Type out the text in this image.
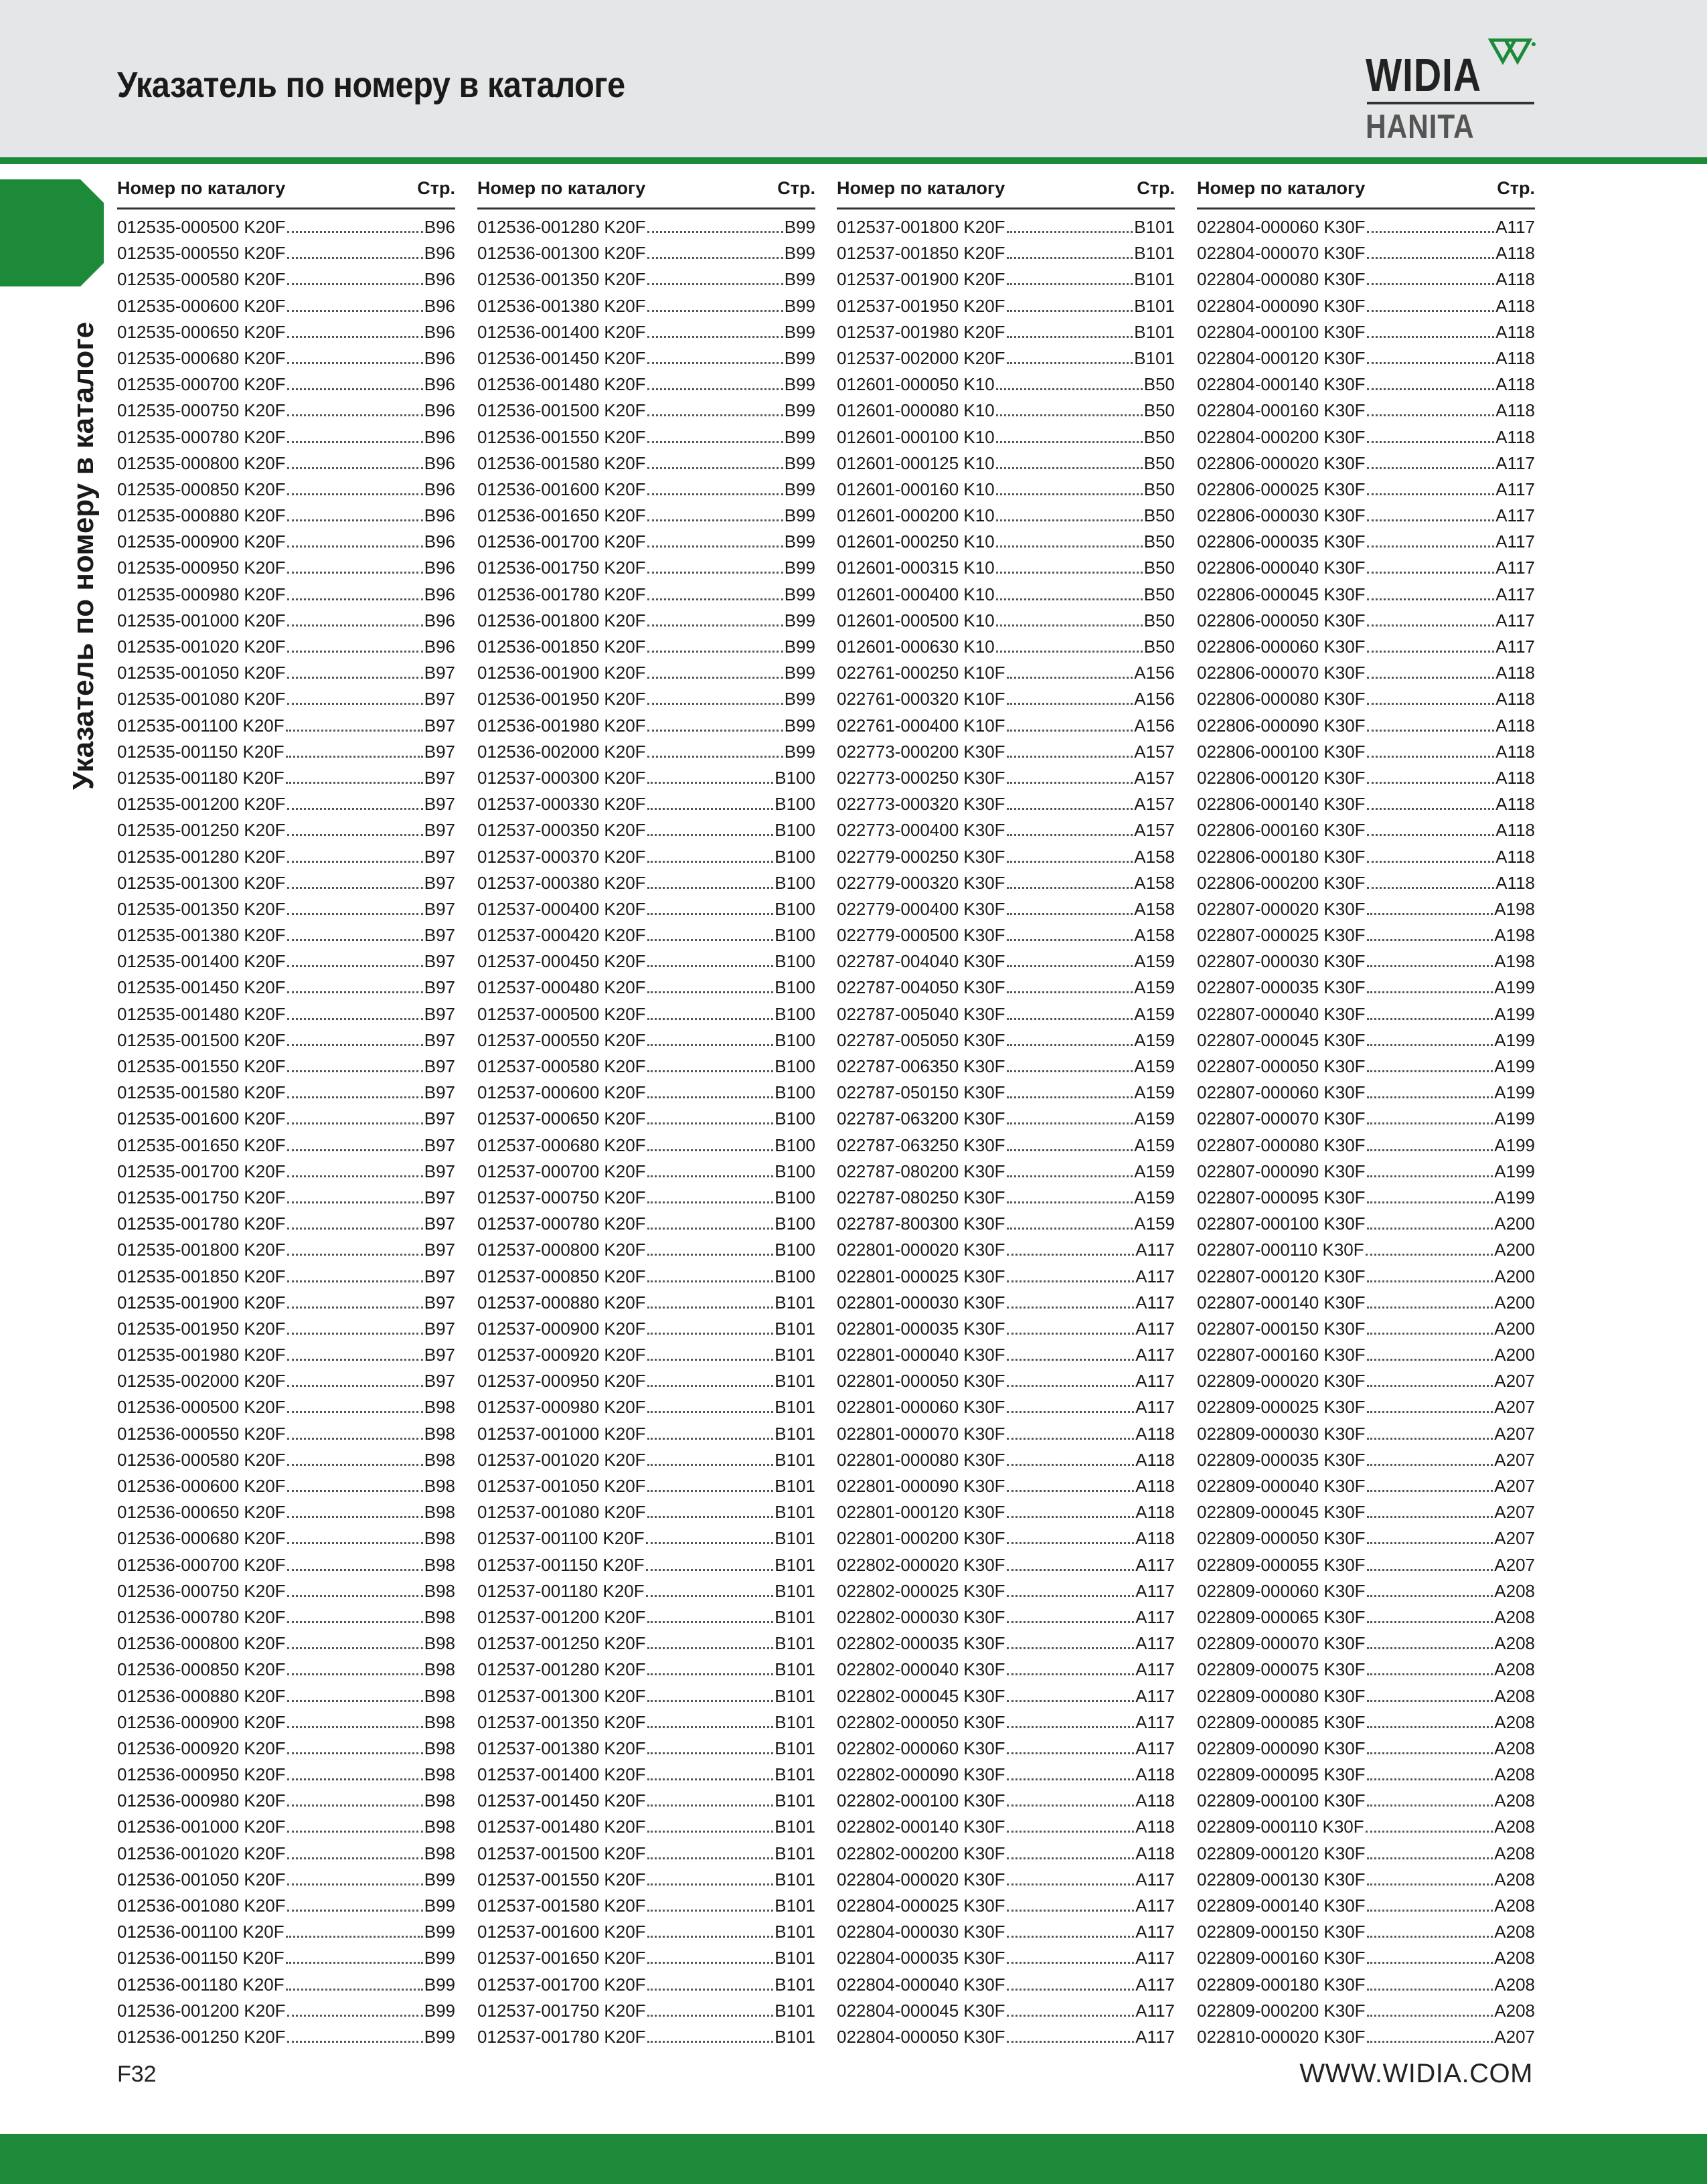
Указатель по номеру в каталоге	WIDIA
HANITA
Указатель по номеру в каталоге
Номер по каталогу	Стр.
012535-000500 K20F	B96
012535-000550 K20F	B96
012535-000580 K20F	B96
012535-000600 K20F	B96
012535-000650 K20F	B96
012535-000680 K20F	B96
012535-000700 K20F	B96
012535-000750 K20F	B96
012535-000780 K20F	B96
012535-000800 K20F	B96
012535-000850 K20F	B96
012535-000880 K20F	B96
012535-000900 K20F	B96
012535-000950 K20F	B96
012535-000980 K20F	B96
012535-001000 K20F	B96
012535-001020 K20F	B96
012535-001050 K20F	B97
012535-001080 K20F	B97
012535-001100 K20F	B97
012535-001150 K20F	B97
012535-001180 K20F	B97
012535-001200 K20F	B97
012535-001250 K20F	B97
012535-001280 K20F	B97
012535-001300 K20F	B97
012535-001350 K20F	B97
012535-001380 K20F	B97
012535-001400 K20F	B97
012535-001450 K20F	B97
012535-001480 K20F	B97
012535-001500 K20F	B97
012535-001550 K20F	B97
012535-001580 K20F	B97
012535-001600 K20F	B97
012535-001650 K20F	B97
012535-001700 K20F	B97
012535-001750 K20F	B97
012535-001780 K20F	B97
012535-001800 K20F	B97
012535-001850 K20F	B97
012535-001900 K20F	B97
012535-001950 K20F	B97
012535-001980 K20F	B97
012535-002000 K20F	B97
012536-000500 K20F	B98
012536-000550 K20F	B98
012536-000580 K20F	B98
012536-000600 K20F	B98
012536-000650 K20F	B98
012536-000680 K20F	B98
012536-000700 K20F	B98
012536-000750 K20F	B98
012536-000780 K20F	B98
012536-000800 K20F	B98
012536-000850 K20F	B98
012536-000880 K20F	B98
012536-000900 K20F	B98
012536-000920 K20F	B98
012536-000950 K20F	B98
012536-000980 K20F	B98
012536-001000 K20F	B98
012536-001020 K20F	B98
012536-001050 K20F	B99
012536-001080 K20F	B99
012536-001100 K20F	B99
012536-001150 K20F	B99
012536-001180 K20F	B99
012536-001200 K20F	B99
012536-001250 K20F	B99
Номер по каталогу	Стр.
012536-001280 K20F	B99
012536-001300 K20F	B99
012536-001350 K20F	B99
012536-001380 K20F	B99
012536-001400 K20F	B99
012536-001450 K20F	B99
012536-001480 K20F	B99
012536-001500 K20F	B99
012536-001550 K20F	B99
012536-001580 K20F	B99
012536-001600 K20F	B99
012536-001650 K20F	B99
012536-001700 K20F	B99
012536-001750 K20F	B99
012536-001780 K20F	B99
012536-001800 K20F	B99
012536-001850 K20F	B99
012536-001900 K20F	B99
012536-001950 K20F	B99
012536-001980 K20F	B99
012536-002000 K20F	B99
012537-000300 K20F	B100
012537-000330 K20F	B100
012537-000350 K20F	B100
012537-000370 K20F	B100
012537-000380 K20F	B100
012537-000400 K20F	B100
012537-000420 K20F	B100
012537-000450 K20F	B100
012537-000480 K20F	B100
012537-000500 K20F	B100
012537-000550 K20F	B100
012537-000580 K20F	B100
012537-000600 K20F	B100
012537-000650 K20F	B100
012537-000680 K20F	B100
012537-000700 K20F	B100
012537-000750 K20F	B100
012537-000780 K20F	B100
012537-000800 K20F	B100
012537-000850 K20F	B100
012537-000880 K20F	B101
012537-000900 K20F	B101
012537-000920 K20F	B101
012537-000950 K20F	B101
012537-000980 K20F	B101
012537-001000 K20F	B101
012537-001020 K20F	B101
012537-001050 K20F	B101
012537-001080 K20F	B101
012537-001100 K20F	B101
012537-001150 K20F	B101
012537-001180 K20F	B101
012537-001200 K20F	B101
012537-001250 K20F	B101
012537-001280 K20F	B101
012537-001300 K20F	B101
012537-001350 K20F	B101
012537-001380 K20F	B101
012537-001400 K20F	B101
012537-001450 K20F	B101
012537-001480 K20F	B101
012537-001500 K20F	B101
012537-001550 K20F	B101
012537-001580 K20F	B101
012537-001600 K20F	B101
012537-001650 K20F	B101
012537-001700 K20F	B101
012537-001750 K20F	B101
012537-001780 K20F	B101
Номер по каталогу	Стр.
012537-001800 K20F	B101
012537-001850 K20F	B101
012537-001900 K20F	B101
012537-001950 K20F	B101
012537-001980 K20F	B101
012537-002000 K20F	B101
012601-000050 K10	B50
012601-000080 K10	B50
012601-000100 K10	B50
012601-000125 K10	B50
012601-000160 K10	B50
012601-000200 K10	B50
012601-000250 K10	B50
012601-000315 K10	B50
012601-000400 K10	B50
012601-000500 K10	B50
012601-000630 K10	B50
022761-000250 K10F	A156
022761-000320 K10F	A156
022761-000400 K10F	A156
022773-000200 K30F	A157
022773-000250 K30F	A157
022773-000320 K30F	A157
022773-000400 K30F	A157
022779-000250 K30F	A158
022779-000320 K30F	A158
022779-000400 K30F	A158
022779-000500 K30F	A158
022787-004040 K30F	A159
022787-004050 K30F	A159
022787-005040 K30F	A159
022787-005050 K30F	A159
022787-006350 K30F	A159
022787-050150 K30F	A159
022787-063200 K30F	A159
022787-063250 K30F	A159
022787-080200 K30F	A159
022787-080250 K30F	A159
022787-800300 K30F	A159
022801-000020 K30F	A117
022801-000025 K30F	A117
022801-000030 K30F	A117
022801-000035 K30F	A117
022801-000040 K30F	A117
022801-000050 K30F	A117
022801-000060 K30F	A117
022801-000070 K30F	A118
022801-000080 K30F	A118
022801-000090 K30F	A118
022801-000120 K30F	A118
022801-000200 K30F	A118
022802-000020 K30F	A117
022802-000025 K30F	A117
022802-000030 K30F	A117
022802-000035 K30F	A117
022802-000040 K30F	A117
022802-000045 K30F	A117
022802-000050 K30F	A117
022802-000060 K30F	A117
022802-000090 K30F	A118
022802-000100 K30F	A118
022802-000140 K30F	A118
022802-000200 K30F	A118
022804-000020 K30F	A117
022804-000025 K30F	A117
022804-000030 K30F	A117
022804-000035 K30F	A117
022804-000040 K30F	A117
022804-000045 K30F	A117
022804-000050 K30F	A117
Номер по каталогу	Стр.
022804-000060 K30F	A117
022804-000070 K30F	A118
022804-000080 K30F	A118
022804-000090 K30F	A118
022804-000100 K30F	A118
022804-000120 K30F	A118
022804-000140 K30F	A118
022804-000160 K30F	A118
022804-000200 K30F	A118
022806-000020 K30F	A117
022806-000025 K30F	A117
022806-000030 K30F	A117
022806-000035 K30F	A117
022806-000040 K30F	A117
022806-000045 K30F	A117
022806-000050 K30F	A117
022806-000060 K30F	A117
022806-000070 K30F	A118
022806-000080 K30F	A118
022806-000090 K30F	A118
022806-000100 K30F	A118
022806-000120 K30F	A118
022806-000140 K30F	A118
022806-000160 K30F	A118
022806-000180 K30F	A118
022806-000200 K30F	A118
022807-000020 K30F	A198
022807-000025 K30F	A198
022807-000030 K30F	A198
022807-000035 K30F	A199
022807-000040 K30F	A199
022807-000045 K30F	A199
022807-000050 K30F	A199
022807-000060 K30F	A199
022807-000070 K30F	A199
022807-000080 K30F	A199
022807-000090 K30F	A199
022807-000095 K30F	A199
022807-000100 K30F	A200
022807-000110 K30F	A200
022807-000120 K30F	A200
022807-000140 K30F	A200
022807-000150 K30F	A200
022807-000160 K30F	A200
022809-000020 K30F	A207
022809-000025 K30F	A207
022809-000030 K30F	A207
022809-000035 K30F	A207
022809-000040 K30F	A207
022809-000045 K30F	A207
022809-000050 K30F	A207
022809-000055 K30F	A207
022809-000060 K30F	A208
022809-000065 K30F	A208
022809-000070 K30F	A208
022809-000075 K30F	A208
022809-000080 K30F	A208
022809-000085 K30F	A208
022809-000090 K30F	A208
022809-000095 K30F	A208
022809-000100 K30F	A208
022809-000110 K30F	A208
022809-000120 K30F	A208
022809-000130 K30F	A208
022809-000140 K30F	A208
022809-000150 K30F	A208
022809-000160 K30F	A208
022809-000180 K30F	A208
022809-000200 K30F	A208
022810-000020 K30F	A207
F32	WWW.WIDIA.COM
